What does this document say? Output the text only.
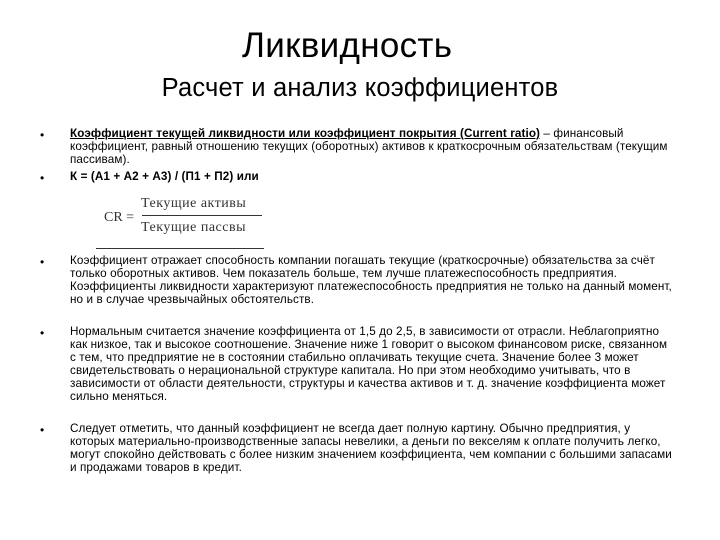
Ликвидность
Расчет и анализ коэффициентов
• Коэффициент текущей ликвидности или коэффициент покрытия (Current ratio) – финансовый коэффициент, равный отношению текущих (оборотных) активов к краткосрочным обязательствам (текущим пассивам).
• К = (А1 + А2 + А3) / (П1 + П2) или
CR =
Текущие активы
Текущие пассвы
• Коэффициент отражает способность компании погашать текущие (краткосрочные) обязательства за счёт только оборотных активов. Чем показатель больше, тем лучше платежеспособность предприятия. Коэффициенты ликвидности характеризуют платежеспособность предприятия не только на данный момент, но и в случае чрезвычайных обстоятельств.
• Нормальным считается значение коэффициента от 1,5 до 2,5, в зависимости от отрасли. Неблагоприятно как низкое, так и высокое соотношение. Значение ниже 1 говорит о высоком финансовом риске, связанном с тем, что предприятие не в состоянии стабильно оплачивать текущие счета. Значение более 3 может свидетельствовать о нерациональной структуре капитала. Но при этом необходимо учитывать, что в зависимости от области деятельности, структуры и качества активов и т. д. значение коэффициента может сильно меняться.
• Следует отметить, что данный коэффициент не всегда дает полную картину. Обычно предприятия, у которых материально-производственные запасы невелики, а деньги по векселям к оплате получить легко, могут спокойно действовать с более низким значением коэффициента, чем компании с большими запасами и продажами товаров в кредит.
